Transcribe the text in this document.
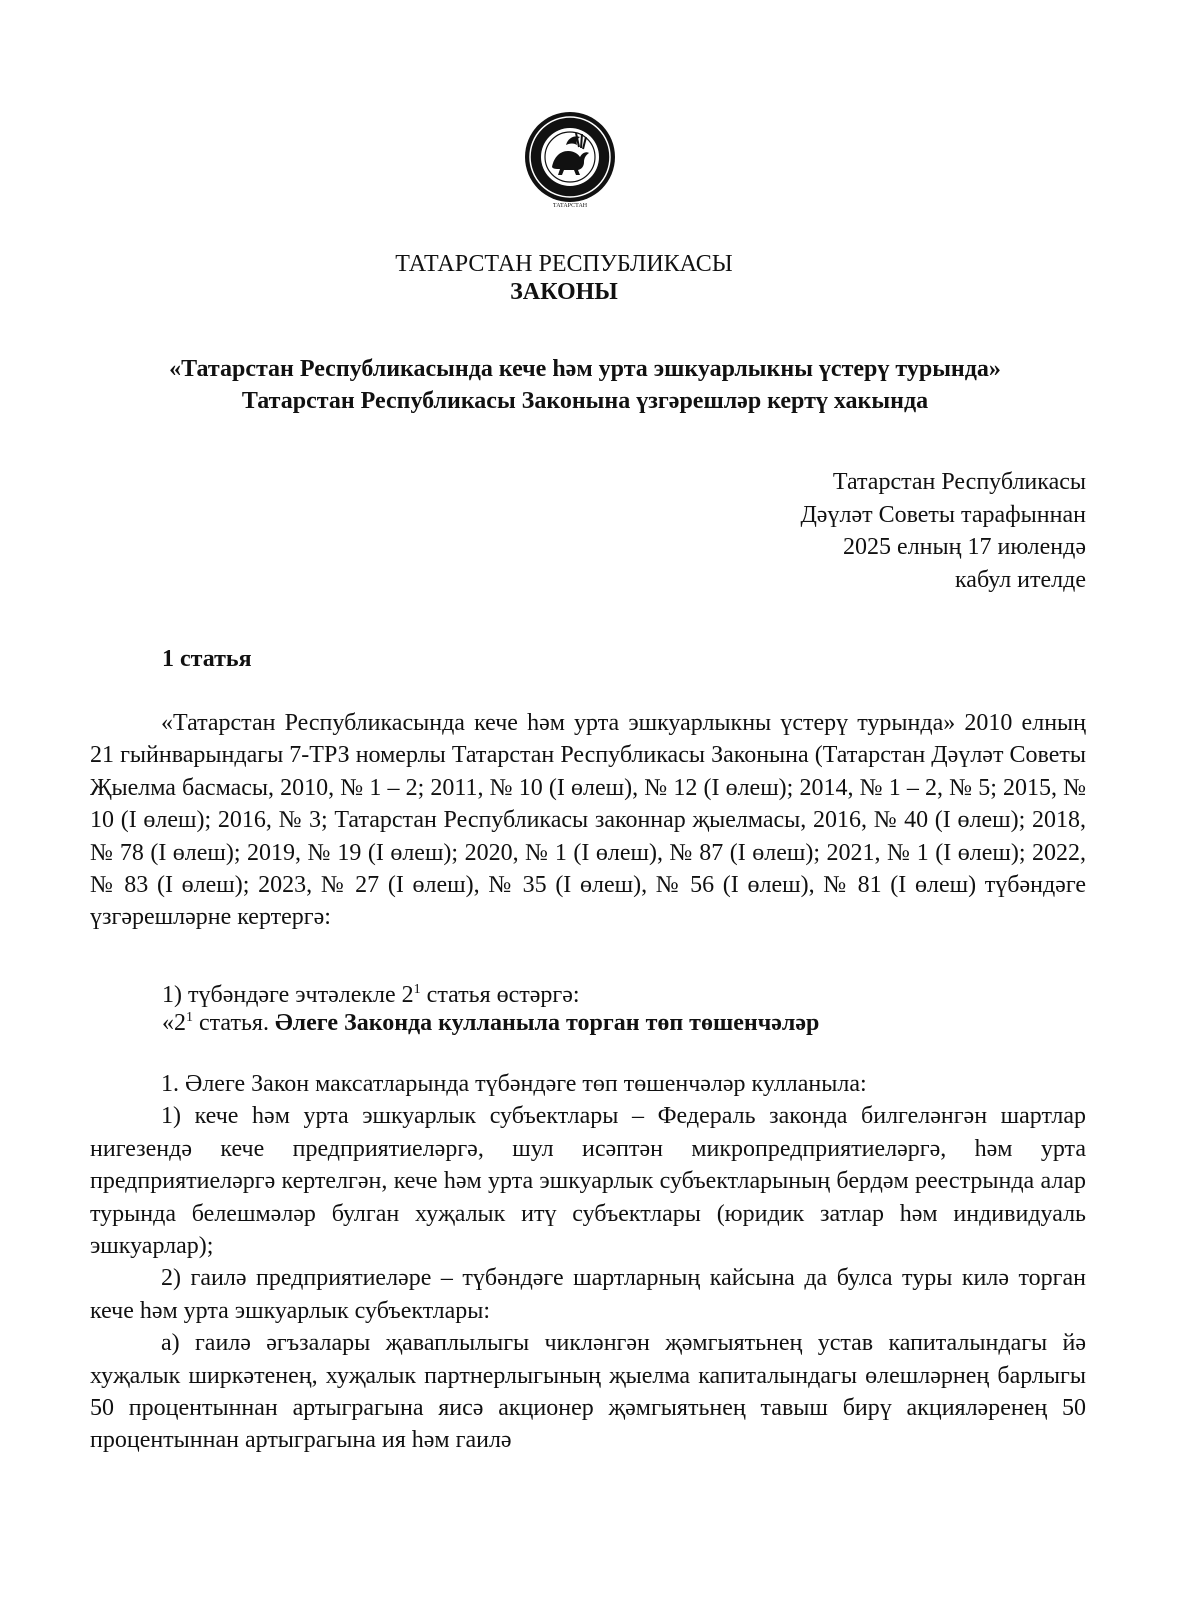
ТАТАРСТАН
ТАТАРСТАН РЕСПУБЛИКАСЫ
ЗАКОНЫ
«Татарстан Республикасында кече һәм урта эшкуарлыкны үстерү турында»
Татарстан Республикасы Законына үзгәрешләр кертү хакында
Татарстан Республикасы
Дәүләт Советы тарафыннан
2025 елның 17 июлендә
кабул ителде
1 статья
«Татарстан Республикасында кече һәм урта эшкуарлыкны үстерү турында» 2010 елның 21 гыйнварындагы 7-ТРЗ номерлы Татарстан Республикасы Законына (Татарстан Дәүләт Советы Җыелма басмасы, 2010, № 1 – 2; 2011, № 10 (I өлеш), № 12 (I өлеш); 2014, № 1 – 2, № 5; 2015, № 10 (I өлеш); 2016, № 3; Татарстан Республикасы законнар җыелмасы, 2016, № 40 (I өлеш); 2018, № 78 (I өлеш); 2019, № 19 (I өлеш); 2020, № 1 (I өлеш), № 87 (I өлеш); 2021, № 1 (I өлеш); 2022, № 83 (I өлеш); 2023, № 27 (I өлеш), № 35 (I өлеш), № 56 (I өлеш), № 81 (I өлеш) түбәндәге үзгәрешләрне кертергә:
1) түбәндәге эчтәлекле $2^1$ статья өстәргә:
«$2^1$ статья. Әлеге Законда кулланыла торган төп төшенчәләр
1. Әлеге Закон максатларында түбәндәге төп төшенчәләр кулланыла:
1) кече һәм урта эшкуарлык субъектлары – Федераль законда билгеләнгән шартлар нигезендә кече предприятиеләргә, шул исәптән микропредприятиеләргә, һәм урта предприятиеләргә кертелгән, кече һәм урта эшкуарлык субъектларының бердәм реестрында алар турында белешмәләр булган хуҗалык итү субъектлары (юридик затлар һәм индивидуаль эшкуарлар);
2) гаилә предприятиеләре – түбәндәге шартларның кайсына да булса туры килә торган кече һәм урта эшкуарлык субъектлары:
а) гаилә әгъзалары җаваплылыгы чикләнгән җәмгыятьнең устав капиталындагы йә хуҗалык ширкәтенең, хуҗалык партнерлыгының җыелма капиталындагы өлешләрнең барлыгы 50 процентыннан артыграгына яисә акционер җәмгыятьнең тавыш бирү акцияләренең 50 процентыннан артыграгына ия һәм гаилә
